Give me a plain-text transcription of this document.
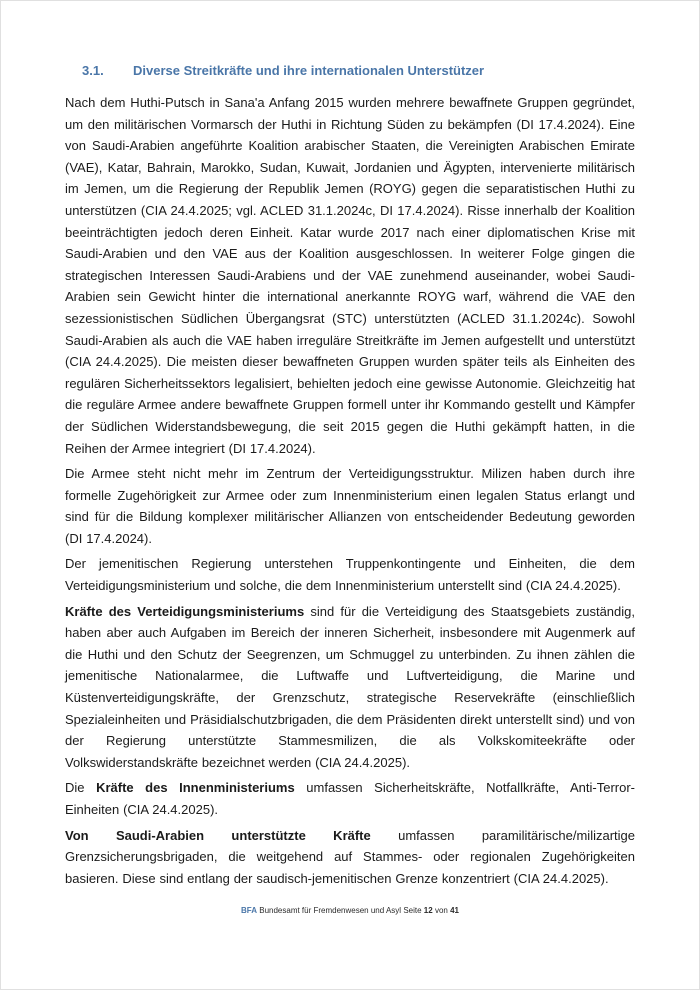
3.1. Diverse Streitkräfte und ihre internationalen Unterstützer

Nach dem Huthi-Putsch in Sana'a Anfang 2015 wurden mehrere bewaffnete Gruppen gegründet, um den militärischen Vormarsch der Huthi in Richtung Süden zu bekämpfen (DI 17.4.2024). Eine von Saudi-Arabien angeführte Koalition arabischer Staaten, die Vereinigten Arabischen Emirate (VAE), Katar, Bahrain, Marokko, Sudan, Kuwait, Jordanien und Ägypten, intervenierte militärisch im Jemen, um die Regierung der Republik Jemen (ROYG) gegen die separatistischen Huthi zu unterstützen (CIA 24.4.2025; vgl. ACLED 31.1.2024c, DI 17.4.2024). Risse innerhalb der Koalition beeinträchtigten jedoch deren Einheit. Katar wurde 2017 nach einer diplomatischen Krise mit Saudi-Arabien und den VAE aus der Koalition ausgeschlossen. In weiterer Folge gingen die strategischen Interessen Saudi-Arabiens und der VAE zunehmend auseinander, wobei Saudi-Arabien sein Gewicht hinter die international anerkannte ROYG warf, während die VAE den sezessionistischen Südlichen Übergangsrat (STC) unterstützten (ACLED 31.1.2024c). Sowohl Saudi-Arabien als auch die VAE haben irreguläre Streitkräfte im Jemen aufgestellt und unterstützt (CIA 24.4.2025). Die meisten dieser bewaffneten Gruppen wurden später teils als Einheiten des regulären Sicherheitssektors legalisiert, behielten jedoch eine gewisse Autonomie. Gleichzeitig hat die reguläre Armee andere bewaffnete Gruppen formell unter ihr Kommando gestellt und Kämpfer der Südlichen Widerstandsbewegung, die seit 2015 gegen die Huthi gekämpft hatten, in die Reihen der Armee integriert (DI 17.4.2024).

Die Armee steht nicht mehr im Zentrum der Verteidigungsstruktur. Milizen haben durch ihre formelle Zugehörigkeit zur Armee oder zum Innenministerium einen legalen Status erlangt und sind für die Bildung komplexer militärischer Allianzen von entscheidender Bedeutung geworden (DI 17.4.2024).

Der jemenitischen Regierung unterstehen Truppenkontingente und Einheiten, die dem Verteidigungsministerium und solche, die dem Innenministerium unterstellt sind (CIA 24.4.2025).

Kräfte des Verteidigungsministeriums sind für die Verteidigung des Staatsgebiets zuständig, haben aber auch Aufgaben im Bereich der inneren Sicherheit, insbesondere mit Augenmerk auf die Huthi und den Schutz der Seegrenzen, um Schmuggel zu unterbinden. Zu ihnen zählen die jemenitische Nationalarmee, die Luftwaffe und Luftverteidigung, die Marine und Küstenverteidigungskräfte, der Grenzschutz, strategische Reservekräfte (einschließlich Spezialeinheiten und Präsidialschutzbrigaden, die dem Präsidenten direkt unterstellt sind) und von der Regierung unterstützte Stammesmilizen, die als Volkskomiteekräfte oder Volkswiderstandskräfte bezeichnet werden (CIA 24.4.2025).

Die Kräfte des Innenministeriums umfassen Sicherheitskräfte, Notfallkräfte, Anti-Terror-Einheiten (CIA 24.4.2025).

Von Saudi-Arabien unterstützte Kräfte umfassen paramilitärische/milizartige Grenzsicherungsbrigaden, die weitgehend auf Stammes- oder regionalen Zugehörigkeiten basieren. Diese sind entlang der saudisch-jemenitischen Grenze konzentriert (CIA 24.4.2025).

BFA Bundesamt für Fremdenwesen und Asyl Seite 12 von 41
